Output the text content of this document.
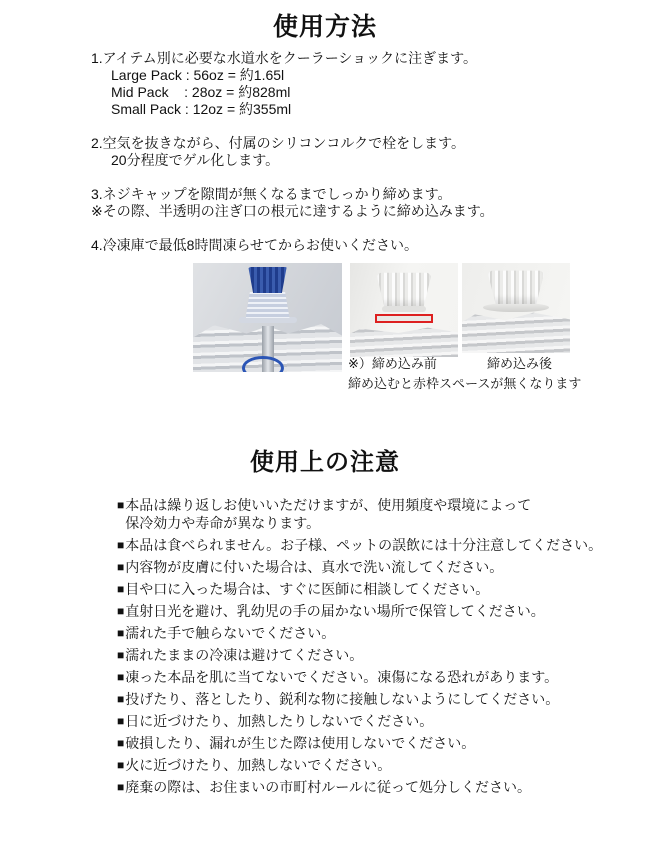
使用方法
1.アイテム別に必要な水道水をクーラーショックに注ぎます。
Large Pack : 56oz = 約1.65l
Mid Pack    : 28oz = 約828ml
Small Pack : 12oz = 約355ml
2.空気を抜きながら、付属のシリコンコルクで栓をします。
20分程度でゲル化します。
3.ネジキャップを隙間が無くなるまでしっかり締めます。
※その際、半透明の注ぎ口の根元に達するように締め込みます。
4.冷凍庫で最低8時間凍らせてからお使いください。
※）締め込み前	締め込み後
締め込むと赤枠スペースが無くなります
使用上の注意
■ 本品は繰り返しお使いいただけますが、使用頻度や環境によって
保冷効力や寿命が異なります。
■ 本品は食べられません。お子様、ペットの誤飲には十分注意してください。
■ 内容物が皮膚に付いた場合は、真水で洗い流してください。
■ 目や口に入った場合は、すぐに医師に相談してください。
■ 直射日光を避け、乳幼児の手の届かない場所で保管してください。
■ 濡れた手で触らないでください。
■ 濡れたままの冷凍は避けてください。
■ 凍った本品を肌に当てないでください。凍傷になる恐れがあります。
■ 投げたり、落としたり、鋭利な物に接触しないようにしてください。
■ 日に近づけたり、加熱したりしないでください。
■ 破損したり、漏れが生じた際は使用しないでください。
■ 火に近づけたり、加熱しないでください。
■ 廃棄の際は、お住まいの市町村ルールに従って処分しください。
